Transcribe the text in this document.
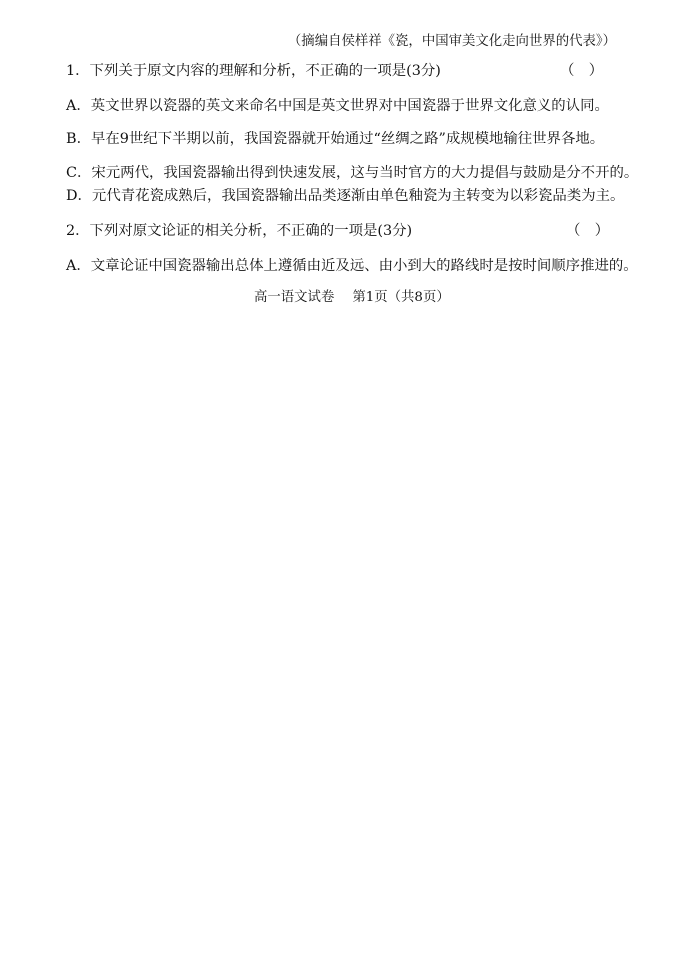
（摘编自侯样祥《瓷，中国审美文化走向世界的代表》）
1．下列关于原文内容的理解和分析，不正确的一项是(3分)	（　）
A．英文世界以瓷器的英文来命名中国是英文世界对中国瓷器于世界文化意义的认同。
B．早在9世纪下半期以前，我国瓷器就开始通过“丝绸之路”成规模地输往世界各地。
C．宋元两代，我国瓷器输出得到快速发展，这与当时官方的大力提倡与鼓励是分不开的。
D．元代青花瓷成熟后，我国瓷器输出品类逐渐由单色釉瓷为主转变为以彩瓷品类为主。
2．下列对原文论证的相关分析，不正确的一项是(3分)	（　）
A．文章论证中国瓷器输出总体上遵循由近及远、由小到大的路线时是按时间顺序推进的。
高一语文试卷 第1页（共8页）
